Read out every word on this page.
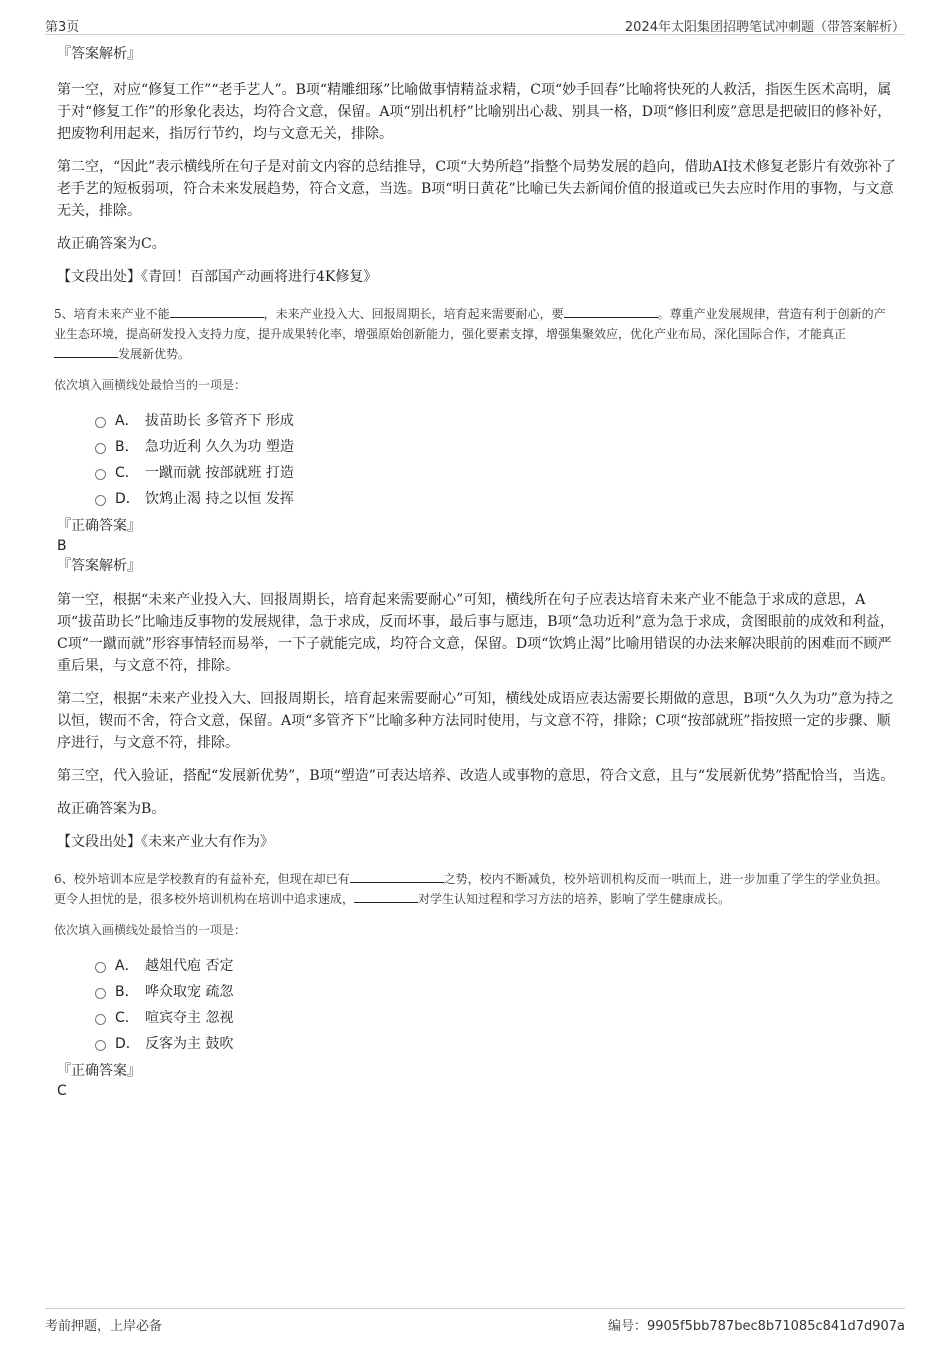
第3页	2024年太阳集团招聘笔试冲刺题（带答案解析）

『答案解析』

第一空，对应“修复工作”“老手艺人”。B项“精雕细琢”比喻做事情精益求精，C项“妙手回春”比喻将快死的人救活，指医生医术高明，属于对“修复工作”的形象化表达，均符合文意，保留。A项“别出机杼”比喻别出心裁、别具一格，D项“修旧利废”意思是把破旧的修补好，把废物利用起来，指厉行节约，均与文意无关，排除。

第二空，“因此”表示横线所在句子是对前文内容的总结推导，C项“大势所趋”指整个局势发展的趋向，借助AI技术修复老影片有效弥补了老手艺的短板弱项，符合未来发展趋势，符合文意，当选。B项“明日黄花”比喻已失去新闻价值的报道或已失去应时作用的事物，与文意无关，排除。

故正确答案为C。

【文段出处】《青回！百部国产动画将进行4K修复》

5、培育未来产业不能	，未来产业投入大、回报周期长，培育起来需要耐心，要	。尊重产业发展规律，营造有利于创新的产业生态环境，提高研发投入支持力度，提升成果转化率，增强原始创新能力，强化要素支撑，增强集聚效应，优化产业布局，深化国际合作，才能真正发展新优势。

依次填入画横线处最恰当的一项是：

A． 拔苗助长 多管齐下 形成
B． 急功近利 久久为功 塑造
C． 一蹴而就 按部就班 打造
D． 饮鸩止渴 持之以恒 发挥

『正确答案』

B

『答案解析』

第一空，根据“未来产业投入大、回报周期长，培育起来需要耐心”可知，横线所在句子应表达培育未来产业不能急于求成的意思，A项“拔苗助长”比喻违反事物的发展规律，急于求成，反而坏事，最后事与愿违，B项“急功近利”意为急于求成，贪图眼前的成效和利益，C项“一蹴而就”形容事情轻而易举，一下子就能完成，均符合文意，保留。D项“饮鸩止渴”比喻用错误的办法来解决眼前的困难而不顾严重后果，与文意不符，排除。

第二空，根据“未来产业投入大、回报周期长，培育起来需要耐心”可知，横线处成语应表达需要长期做的意思，B项“久久为功”意为持之以恒，锲而不舍，符合文意，保留。A项“多管齐下”比喻多种方法同时使用，与文意不符，排除；C项“按部就班”指按照一定的步骤、顺序进行，与文意不符，排除。

第三空，代入验证，搭配“发展新优势”，B项“塑造”可表达培养、改造人或事物的意思，符合文意，且与“发展新优势”搭配恰当，当选。

故正确答案为B。

【文段出处】《未来产业大有作为》

6、校外培训本应是学校教育的有益补充，但现在却已有	之势，校内不断减负，校外培训机构反而一哄而上，进一步加重了学生的学业负担。更令人担忧的是，很多校外培训机构在培训中追求速成，	对学生认知过程和学习方法的培养，影响了学生健康成长。

依次填入画横线处最恰当的一项是：

A． 越俎代庖 否定
B． 哗众取宠 疏忽
C． 喧宾夺主 忽视
D． 反客为主 鼓吹

『正确答案』

C

考前押题，上岸必备	编号：9905f5bb787bec8b71085c841d7d907a
